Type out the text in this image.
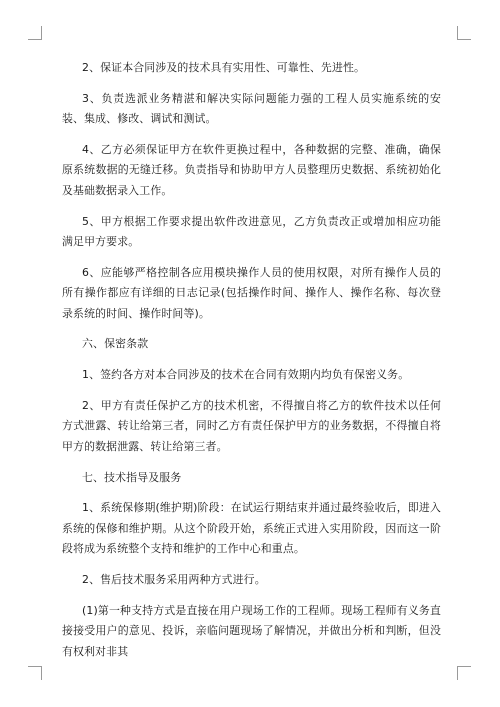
2、保证本合同涉及的技术具有实用性、可靠性、先进性。

3、负责选派业务精湛和解决实际问题能力强的工程人员实施系统的安装、集成、修改、调试和测试。

4、乙方必须保证甲方在软件更换过程中，各种数据的完整、准确，确保原系统数据的无缝迁移。负责指导和协助甲方人员整理历史数据、系统初始化及基础数据录入工作。

5、甲方根据工作要求提出软件改进意见，乙方负责改正或增加相应功能满足甲方要求。

6、应能够严格控制各应用模块操作人员的使用权限，对所有操作人员的所有操作都应有详细的日志记录(包括操作时间、操作人、操作名称、每次登录系统的时间、操作时间等)。

六、保密条款

1、签约各方对本合同涉及的技术在合同有效期内均负有保密义务。

2、甲方有责任保护乙方的技术机密，不得擅自将乙方的软件技术以任何方式泄露、转让给第三者，同时乙方有责任保护甲方的业务数据，不得擅自将甲方的数据泄露、转让给第三者。

七、技术指导及服务

1、系统保修期(维护期)阶段：在试运行期结束并通过最终验收后，即进入系统的保修和维护期。从这个阶段开始，系统正式进入实用阶段，因而这一阶段将成为系统整个支持和维护的工作中心和重点。

2、售后技术服务采用两种方式进行。

(1)第一种支持方式是直接在用户现场工作的工程师。现场工程师有义务直接接受用户的意见、投诉，亲临问题现场了解情况，并做出分析和判断，但没有权利对非其
